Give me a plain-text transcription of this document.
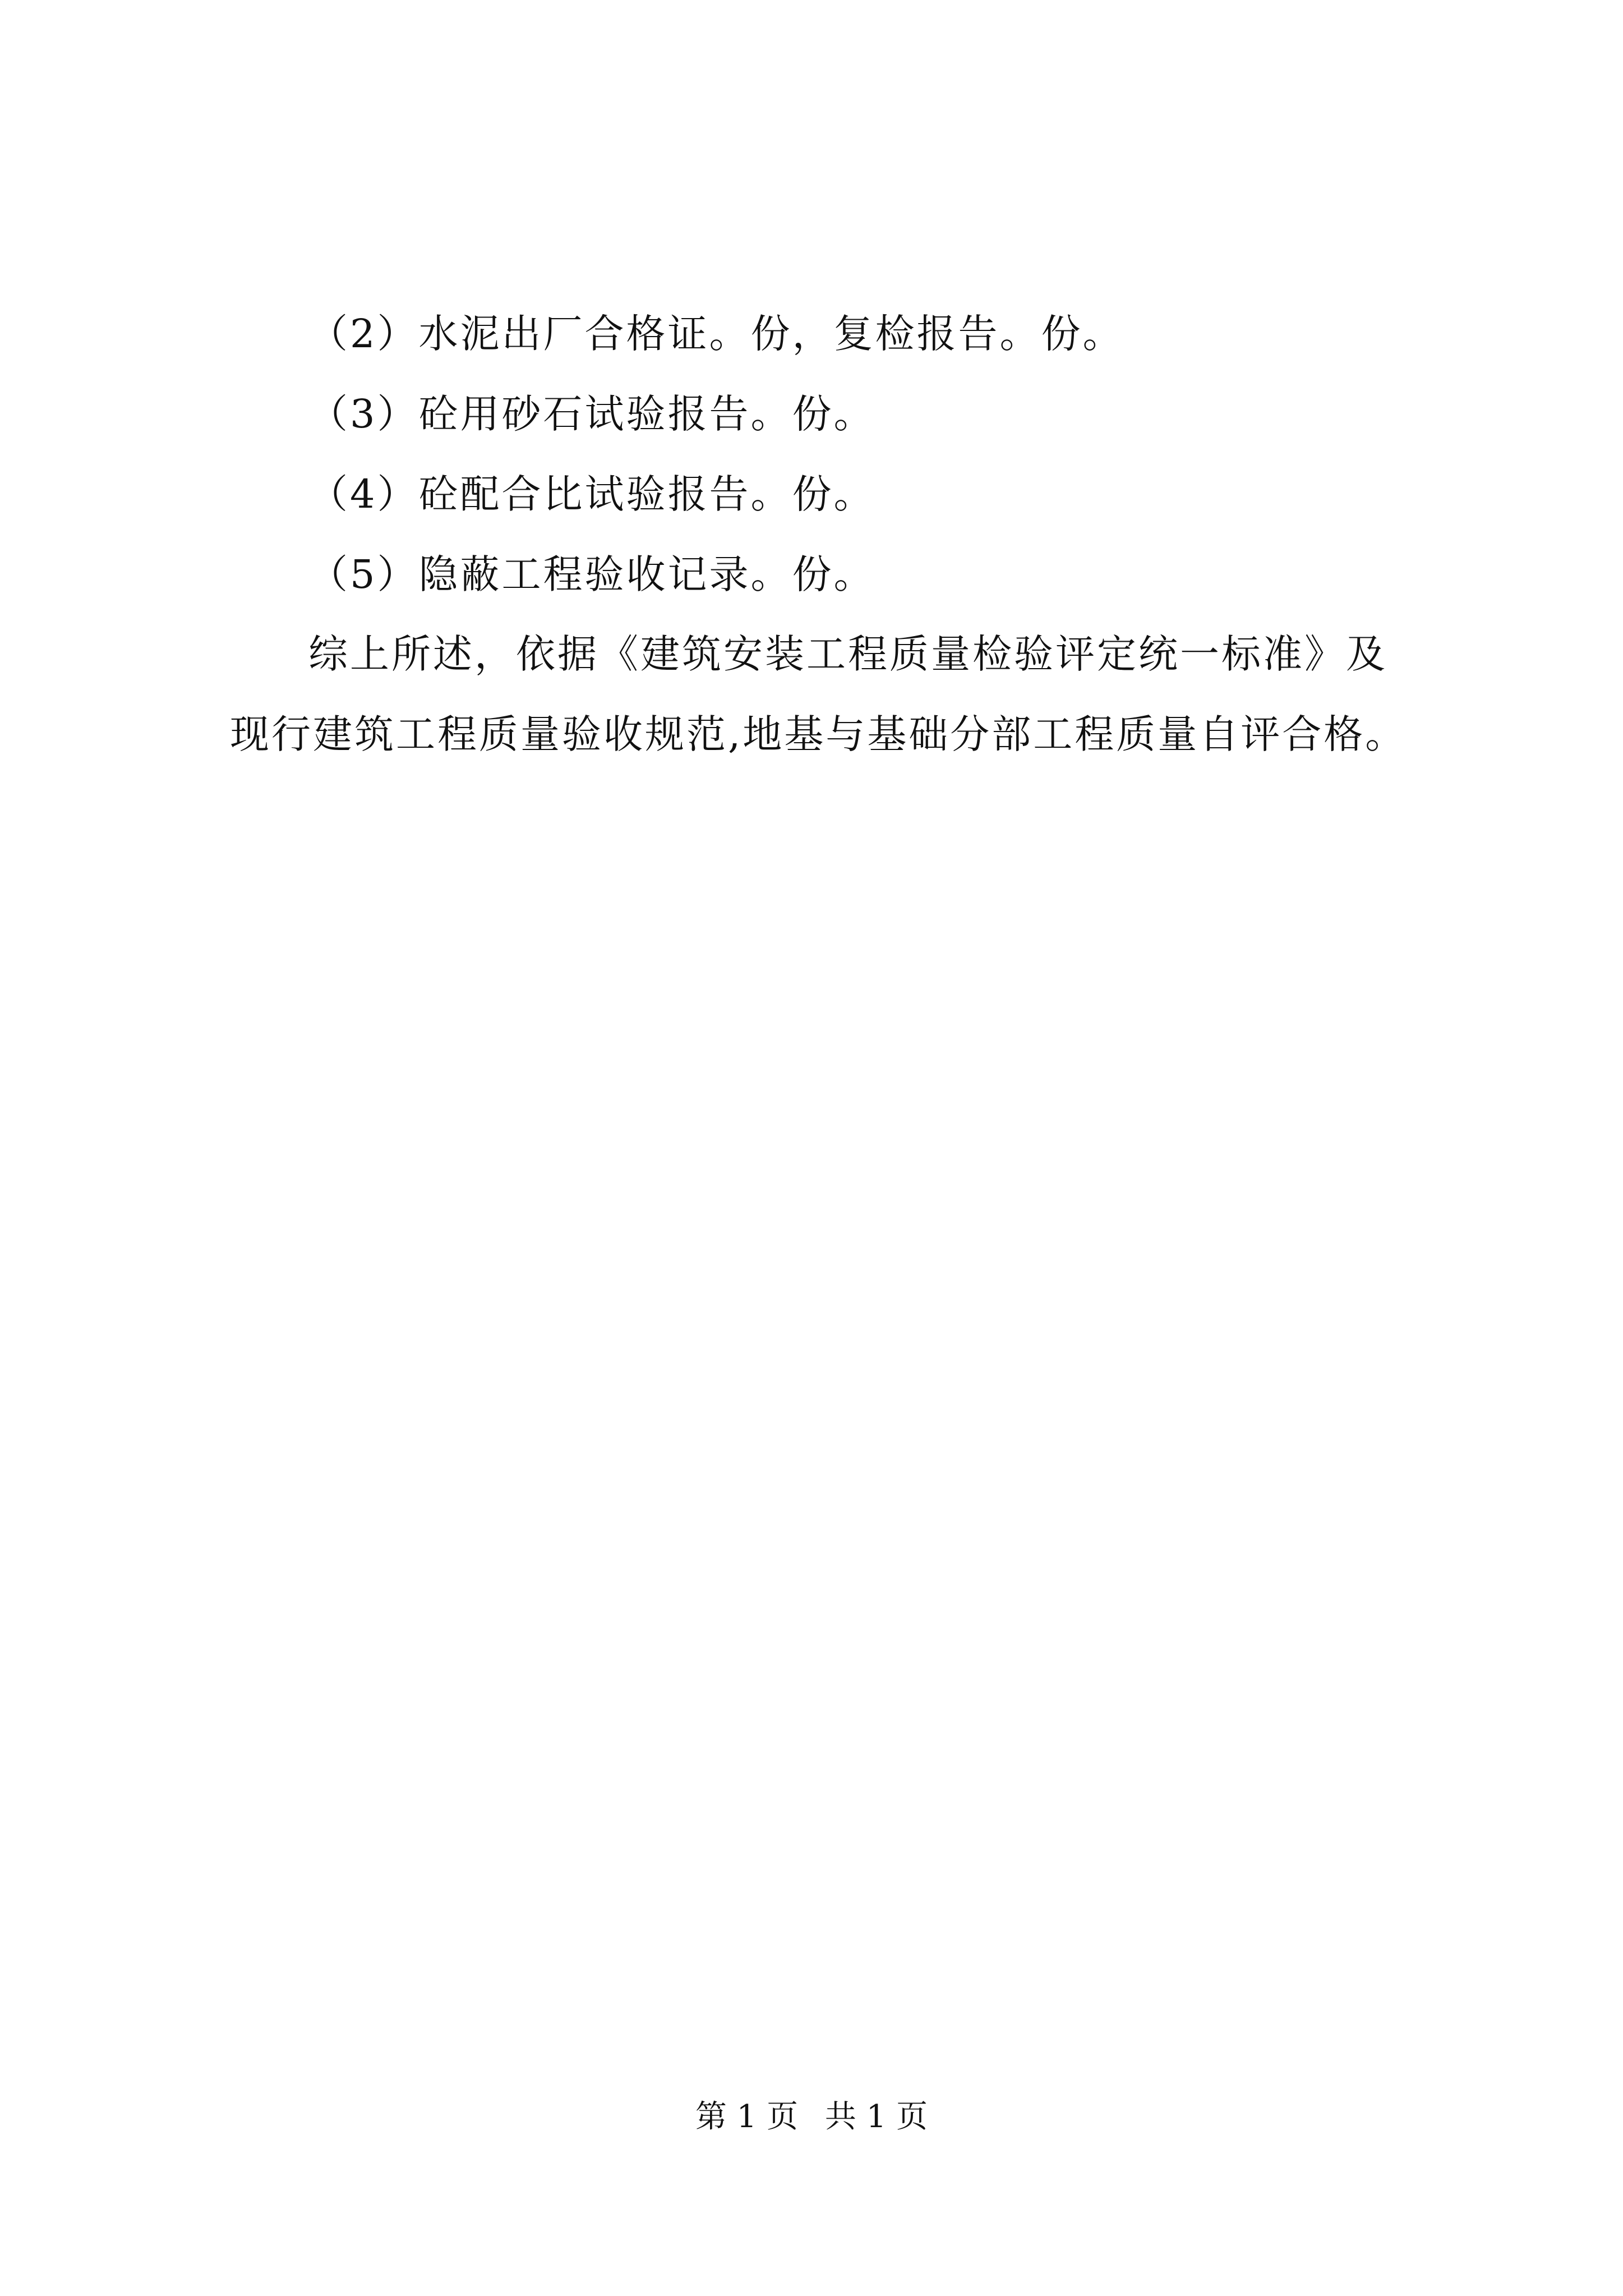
（2）水泥出厂合格证。份，复检报告。份。
（3）砼用砂石试验报告。份。
（4）砼配合比试验报告。份。
（5）隐蔽工程验收记录。份。
综上所述，依据《建筑安装工程质量检验评定统一标准》及
现行建筑工程质量验收规范,地基与基础分部工程质量自评合格。
第 1 页 共 1 页
